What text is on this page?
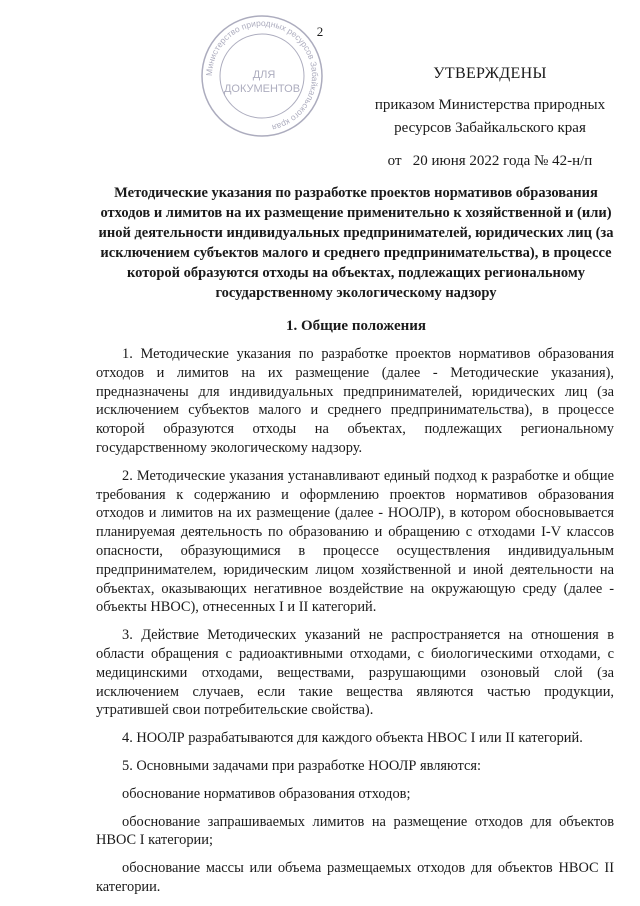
2
Министерство природных ресурсов Забайкальского края
ДЛЯ
ДОКУМЕНТОВ
УТВЕРЖДЕНЫ
приказом Министерства природных
ресурсов Забайкальского края
от   20 июня 2022 года № 42-н/п
Методические указания по разработке проектов нормативов образования отходов и лимитов на их размещение применительно к хозяйственной и (или) иной деятельности индивидуальных предпринимателей, юридических лиц (за исключением субъектов малого и среднего предпринимательства), в процессе которой образуются отходы на объектах, подлежащих региональному государственному экологическому надзору
1. Общие положения

1. Методические указания по разработке проектов нормативов образования отходов и лимитов на их размещение (далее - Методические указания), предназначены для индивидуальных предпринимателей, юридических лиц (за исключением субъектов малого и среднего предпринимательства), в процессе которой образуются отходы на объектах, подлежащих региональному государственному экологическому надзору.

2. Методические указания устанавливают единый подход к разработке и общие требования к содержанию и оформлению проектов нормативов образования отходов и лимитов на их размещение (далее - НООЛР), в котором обосновывается планируемая деятельность по образованию и обращению с отходами I-V классов опасности, образующимися в процессе осуществления индивидуальным предпринимателем, юридическим лицом хозяйственной и иной деятельности на объектах, оказывающих негативное воздействие на окружающую среду (далее - объекты НВОС), отнесенных I и II категорий.

3. Действие Методических указаний не распространяется на отношения в области обращения с радиоактивными отходами, с биологическими отходами, с медицинскими отходами, веществами, разрушающими озоновый слой (за исключением случаев, если такие вещества являются частью продукции, утратившей свои потребительские свойства).

4. НООЛР разрабатываются для каждого объекта НВОС I или II категорий.

5. Основными задачами при разработке НООЛР являются:

обоснование нормативов образования отходов;

обоснование запрашиваемых лимитов на размещение отходов для объектов НВОС I категории;

обоснование массы или объема размещаемых отходов для объектов НВОС II категории.
